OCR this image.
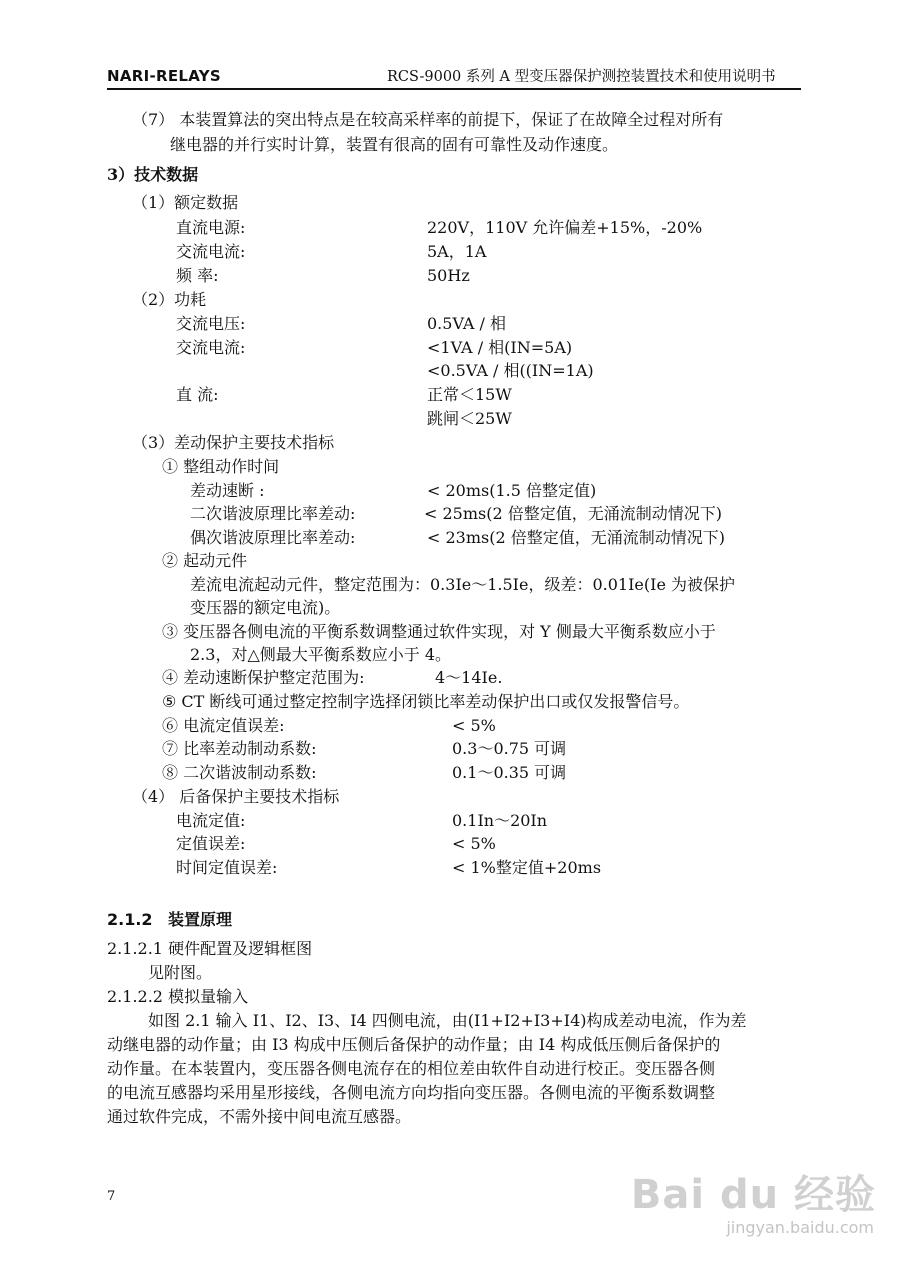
NARI-RELAYS	RCS-9000 系列 A 型变压器保护测控装置技术和使用说明书
（7） 本装置算法的突出特点是在较高采样率的前提下，保证了在故障全过程对所有
继电器的并行实时计算，装置有很高的固有可靠性及动作速度。
3）技术数据
（1）额定数据
直流电源:	220V，110V 允许偏差+15%，-20%
交流电流:	5A，1A
频 率:	50Hz
（2）功耗
交流电压:	0.5VA / 相
交流电流:	<1VA / 相(IN=5A)
<0.5VA / 相((IN=1A)
直 流:	正常＜15W
跳闸＜25W
（3）差动保护主要技术指标
① 整组动作时间
差动速断 :	< 20ms(1.5 倍整定值)
二次谐波原理比率差动:	< 25ms(2 倍整定值，无涌流制动情况下)
偶次谐波原理比率差动:	< 23ms(2 倍整定值，无涌流制动情况下)
② 起动元件
差流电流起动元件，整定范围为：0.3Ie～1.5Ie，级差：0.01Ie(Ie 为被保护
变压器的额定电流)。
③ 变压器各侧电流的平衡系数调整通过软件实现，对 Y 侧最大平衡系数应小于
2.3，对△侧最大平衡系数应小于 4。
④ 差动速断保护整定范围为:	4～14Ie.
⑤ CT 断线可通过整定控制字选择闭锁比率差动保护出口或仅发报警信号。
⑥ 电流定值误差:	< 5%
⑦ 比率差动制动系数:	0.3～0.75 可调
⑧ 二次谐波制动系数:	0.1～0.35 可调
（4） 后备保护主要技术指标
电流定值:	0.1In～20In
定值误差:	< 5%
时间定值误差:	< 1%整定值+20ms
2.1.2 装置原理
2.1.2.1 硬件配置及逻辑框图
见附图。
2.1.2.2 模拟量输入
如图 2.1 输入 I1、I2、I3、I4 四侧电流，由(I1+I2+I3+I4)构成差动电流，作为差
动继电器的动作量；由 I3 构成中压侧后备保护的动作量；由 I4 构成低压侧后备保护的
动作量。在本装置内，变压器各侧电流存在的相位差由软件自动进行校正。变压器各侧
的电流互感器均采用星形接线，各侧电流方向均指向变压器。各侧电流的平衡系数调整
通过软件完成，不需外接中间电流互感器。
7	Bai du 经验
jingyan.baidu.com
